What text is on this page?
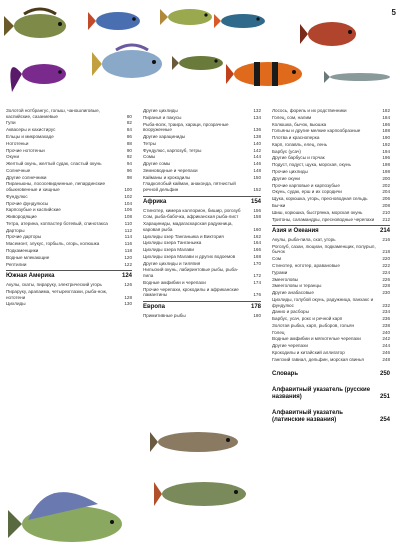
5
Золотой нотбрангус, голыш, чаношлиговые, каспийские, сазаниевые	80
Гупи	82
Аквасеры и кахистирус	84
Ельцы и микромахаде	86
Нототеньи	88
Прочие нототеньи	90
Окуни	92
Желтый окунь, желтый судак, сластый окунь	94
Солнечные	96
Другие солнечники	98
Пираньюны, лососевиднинные, лепардинские обыкновенные и хищные	100
Фундулюс	102
Прочие фундулюсы	104
Карпозубые и каспийские	106
Живородящие	108
Тетра, атерина, коппастер ботевый, спинотакса	110
Дарторы	112
Прочие дарторы	114
Масемонт, злукус, горбыль, огорь, колюшка	116
Подкаменщики	118
Водные млекающие	120
Рептилии	122
Южная Америка	124
Акулы, скаты, пираруку, электрический угорь	126
Пираруку, арапаима, четырехглазки, рыба-нож, нототени	128
Цихлиды	130
Другие цихлиды	132
Пиранья и пакусы	134
Рыба-волк, траира, хараци, прозрачные вооруженные	136
Другие харациниды	138
Тетры	140
Фундулюс, карпозуб, тетры	142
Сомы	144
Другие сомы	146
Земноводные и черепахи	148
Кайманы и крокодилы	150
Гладколобый кайман, анаконда, пятнистый речной дельфин	152
Африка	154
Стинотер, кимера каллорион, бишир, рогозуб	156
Сом, рыба-бабочка, африканская рыба-лист	158
Харациниды, мадагаскарская радужница, каровая рыба	160
Цихлиды озер Танганьика и Виктория	162
Цихлиды озера Танганьика	164
Цихлиды озера Малави	166
Цихлиды озера Малави и других водоемов	168
Другие цихлиды и тиляпия	170
Нильский окунь, лабиринтовые рыбы, рыба-пила	172
Водные амфибии и черепахи	174
Прочие черепахи, крокодилы и африканские ламантины	176
Европа	178
Примитивные рыбы	180
Лосось, форель и их родственники	182
Голец, сом, налим	184
Колюшка, бычок, вьюшка	186
Гольяны и другие мелкие карпообразные	188
Плотва и красноперка	190
Карп, голавль, елец, лень	192
Барбус (усач)	194
Другие барбусы и горчак	196
Подуст, подуст, щука, морская, окунь	198
Прочие цихлиды	198
Другие окуни	200
Прочие карповые и карпозубые	202
Окунь, судак, ерш и их сородичи	204
Щука, корюшка, угорь, пресноводная сельдь	206
Бычки	208
Шиш, корюшка, быстрянка, морская окунь	210
Тритоны, саламандры, пресноводные черепахи	212
Азия и Океания	214
Акулы, рыба-пила, скат, угорь	216
Рогозуб, сазан, люциан, подкаменщик, полурыл, бычок	218
Сом	220
Стинотер, нототер, аравановые	222
Гурами	224
Змееголовы	226
Змееголовы и теранцы	228
Другие анабасовые	230
Цихлиды, голубой окунь, радужница, панхакс и фундулюс	232
Данио и расборы	234
Барбус, усач, рокс и речной карп	236
Золотая рыбка, карп, рыборов, гольян	238
Голец	240
Водные амфибии и мягкотелые черепахи	242
Другие черепахи	244
Крокодилы и китайский аллигатор	246
Гангский гавиал, дельфин, морская свинья	248
Словарь	250
Алфавитный указатель (русские названия)	251
Алфавитный указатель (латинские названия)	254
